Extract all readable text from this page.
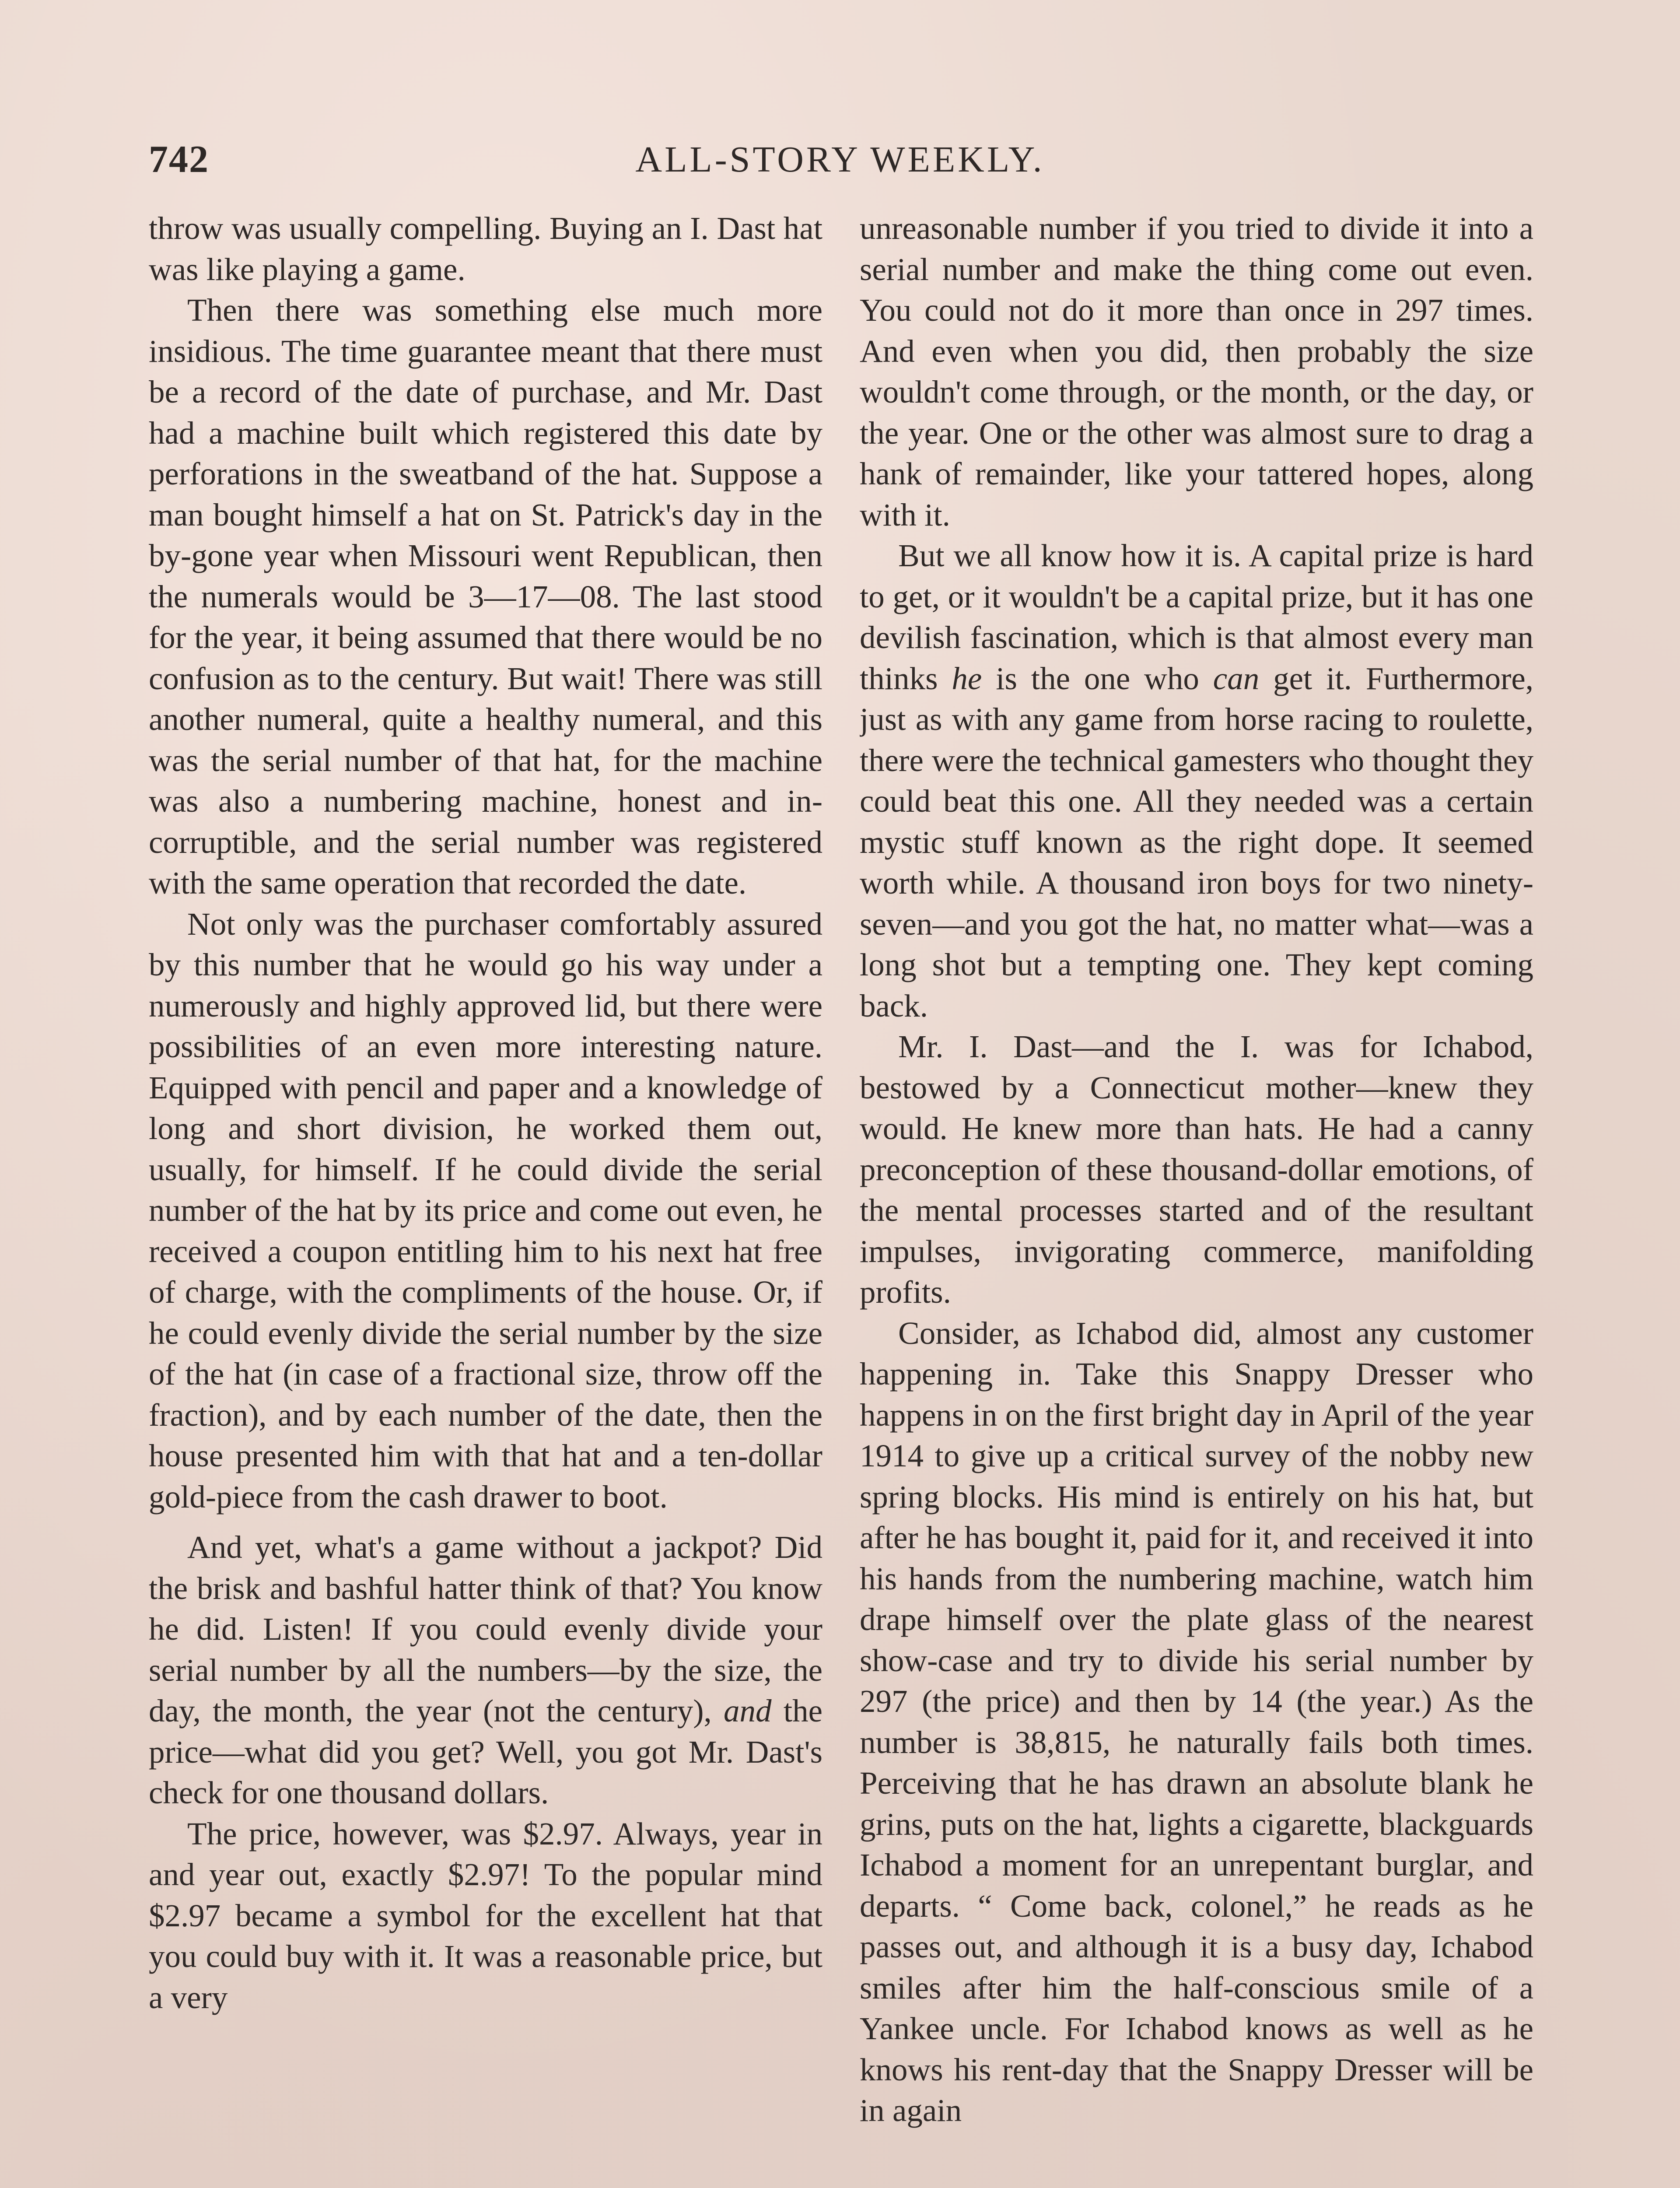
742	ALL-STORY WEEKLY.

throw was usually compelling. Buying an I. Dast hat was like playing a game.

Then there was something else much more insidious. The time guarantee meant that there must be a record of the date of purchase, and Mr. Dast had a machine built which registered this date by perforations in the sweatband of the hat. Suppose a man bought himself a hat on St. Patrick's day in the by-gone year when Missouri went Republican, then the numerals would be 3—17—08. The last stood for the year, it being assumed that there would be no confusion as to the century. But wait! There was still another numeral, quite a healthy numeral, and this was the serial number of that hat, for the machine was also a numbering machine, honest and incorruptible, and the serial number was registered with the same operation that recorded the date.

Not only was the purchaser comfortably assured by this number that he would go his way under a numerously and highly approved lid, but there were possibilities of an even more interesting nature. Equipped with pencil and paper and a knowledge of long and short division, he worked them out, usually, for himself. If he could divide the serial number of the hat by its price and come out even, he received a coupon entitling him to his next hat free of charge, with the compliments of the house. Or, if he could evenly divide the serial number by the size of the hat (in case of a fractional size, throw off the fraction), and by each number of the date, then the house presented him with that hat and a ten-dollar gold-piece from the cash drawer to boot.

And yet, what's a game without a jackpot? Did the brisk and bashful hatter think of that? You know he did. Listen! If you could evenly divide your serial number by all the numbers—by the size, the day, the month, the year (not the century), and the price—what did you get? Well, you got Mr. Dast's check for one thousand dollars.

The price, however, was $2.97. Always, year in and year out, exactly $2.97! To the popular mind $2.97 became a symbol for the excellent hat that you could buy with it. It was a reasonable price, but a very

unreasonable number if you tried to divide it into a serial number and make the thing come out even. You could not do it more than once in 297 times. And even when you did, then probably the size wouldn't come through, or the month, or the day, or the year. One or the other was almost sure to drag a hank of remainder, like your tattered hopes, along with it.

But we all know how it is. A capital prize is hard to get, or it wouldn't be a capital prize, but it has one devilish fascination, which is that almost every man thinks he is the one who can get it. Furthermore, just as with any game from horse racing to roulette, there were the technical gamesters who thought they could beat this one. All they needed was a certain mystic stuff known as the right dope. It seemed worth while. A thousand iron boys for two ninety-seven—and you got the hat, no matter what—was a long shot but a tempting one. They kept coming back.

Mr. I. Dast—and the I. was for Ichabod, bestowed by a Connecticut mother—knew they would. He knew more than hats. He had a canny preconception of these thousand-dollar emotions, of the mental processes started and of the resultant impulses, invigorating commerce, manifolding profits.

Consider, as Ichabod did, almost any customer happening in. Take this Snappy Dresser who happens in on the first bright day in April of the year 1914 to give up a critical survey of the nobby new spring blocks. His mind is entirely on his hat, but after he has bought it, paid for it, and received it into his hands from the numbering machine, watch him drape himself over the plate glass of the nearest show-case and try to divide his serial number by 297 (the price) and then by 14 (the year.) As the number is 38,815, he naturally fails both times. Perceiving that he has drawn an absolute blank he grins, puts on the hat, lights a cigarette, blackguards Ichabod a moment for an unrepentant burglar, and departs. “ Come back, colonel,” he reads as he passes out, and although it is a busy day, Ichabod smiles after him the half-conscious smile of a Yankee uncle. For Ichabod knows as well as he knows his rent-day that the Snappy Dresser will be in again
